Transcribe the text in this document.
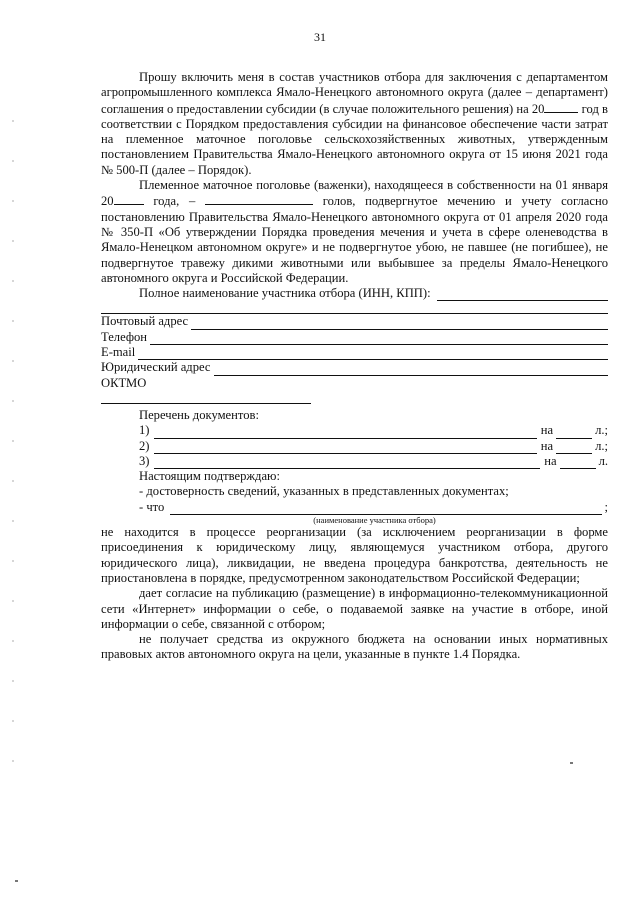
31

Прошу включить меня в состав участников отбора для заключения с департаментом агропромышленного комплекса Ямало-Ненецкого автономного округа (далее – департамент) соглашения о предоставлении субсидии (в случае положительного решения) на 20	год в соответствии с Порядком предоставления субсидии на финансовое обеспечение части затрат на племенное маточное поголовье сельскохозяйственных животных, утвержденным постановлением Правительства Ямало-Ненецкого автономного округа от 15 июня 2021 года № 500-П (далее – Порядок).

Племенное маточное поголовье (важенки), находящееся в собственности на 01 января 20 года, –	голов, подвергнутое мечению и учету согласно постановлению Правительства Ямало-Ненецкого автономного округа от 01 апреля 2020 года № 350-П «Об утверждении Порядка проведения мечения и учета в сфере оленеводства в Ямало-Ненецком автономном округе» и не подвергнутое убою, не павшее (не погибшее), не подвергнутое травежу дикими животными или выбывшее за пределы Ямало-Ненецкого автономного округа и Российской Федерации.

Полное наименование участника отбора (ИНН, КПП):
Почтовый адрес
Телефон
E-mail
Юридический адрес
ОКТМО
Перечень документов:
1)	на	л.;
2)	на	л.;
3)	на	л.
Настоящим подтверждаю:
- достоверность сведений, указанных в представленных документах;
- что	;
(наименование участника отбора)

не находится в процессе реорганизации (за исключением реорганизации в форме присоединения к юридическому лицу, являющемуся участником отбора, другого юридического лица), ликвидации, не введена процедура банкротства, деятельность не приостановлена в порядке, предусмотренном законодательством Российской Федерации;

дает согласие на публикацию (размещение) в информационно-телекоммуникационной сети «Интернет» информации о себе, о подаваемой заявке на участие в отборе, иной информации о себе, связанной с отбором;

не получает средства из окружного бюджета на основании иных нормативных правовых актов автономного округа на цели, указанные в пункте 1.4 Порядка.
